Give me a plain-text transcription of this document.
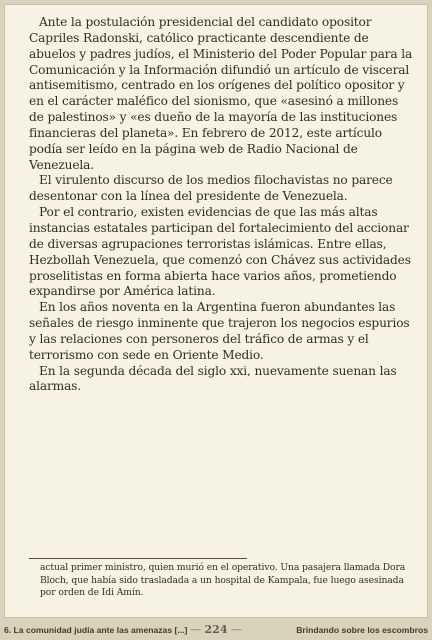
Ante la postulación presidencial del candidato opositor Capriles Radonski, católico practicante descendiente de abuelos y padres judíos, el Ministerio del Poder Popular para la Comunicación y la Información difundió un artículo de visceral antisemitismo, centrado en los orígenes del político opositor y en el carácter maléfico del sionismo, que «asesinó a millones de palestinos» y «es dueño de la mayoría de las instituciones financieras del planeta». En febrero de 2012, este artículo podía ser leído en la página web de Radio Nacional de Venezuela.

El virulento discurso de los medios filochavistas no parece desentonar con la línea del presidente de Venezuela.

Por el contrario, existen evidencias de que las más altas instancias estatales participan del fortalecimiento del accionar de diversas agrupaciones terroristas islámicas. Entre ellas, Hezbollah Venezuela, que comenzó con Chávez sus actividades proselitistas en forma abierta hace varios años, prometiendo expandirse por América latina.

En los años noventa en la Argentina fueron abundantes las señales de riesgo inminente que trajeron los negocios espurios y las relaciones con personeros del tráfico de armas y el terrorismo con sede en Oriente Medio.

En la segunda década del siglo xxi, nuevamente suenan las alarmas.

actual primer ministro, quien murió en el operativo. Una pasajera llamada Dora Bloch, que había sido trasladada a un hospital de Kampala, fue luego asesinada por orden de Idi Amín.
6. La comunidad judía ante las amenazas [...] — 224 —	Brindando sobre los escombros
